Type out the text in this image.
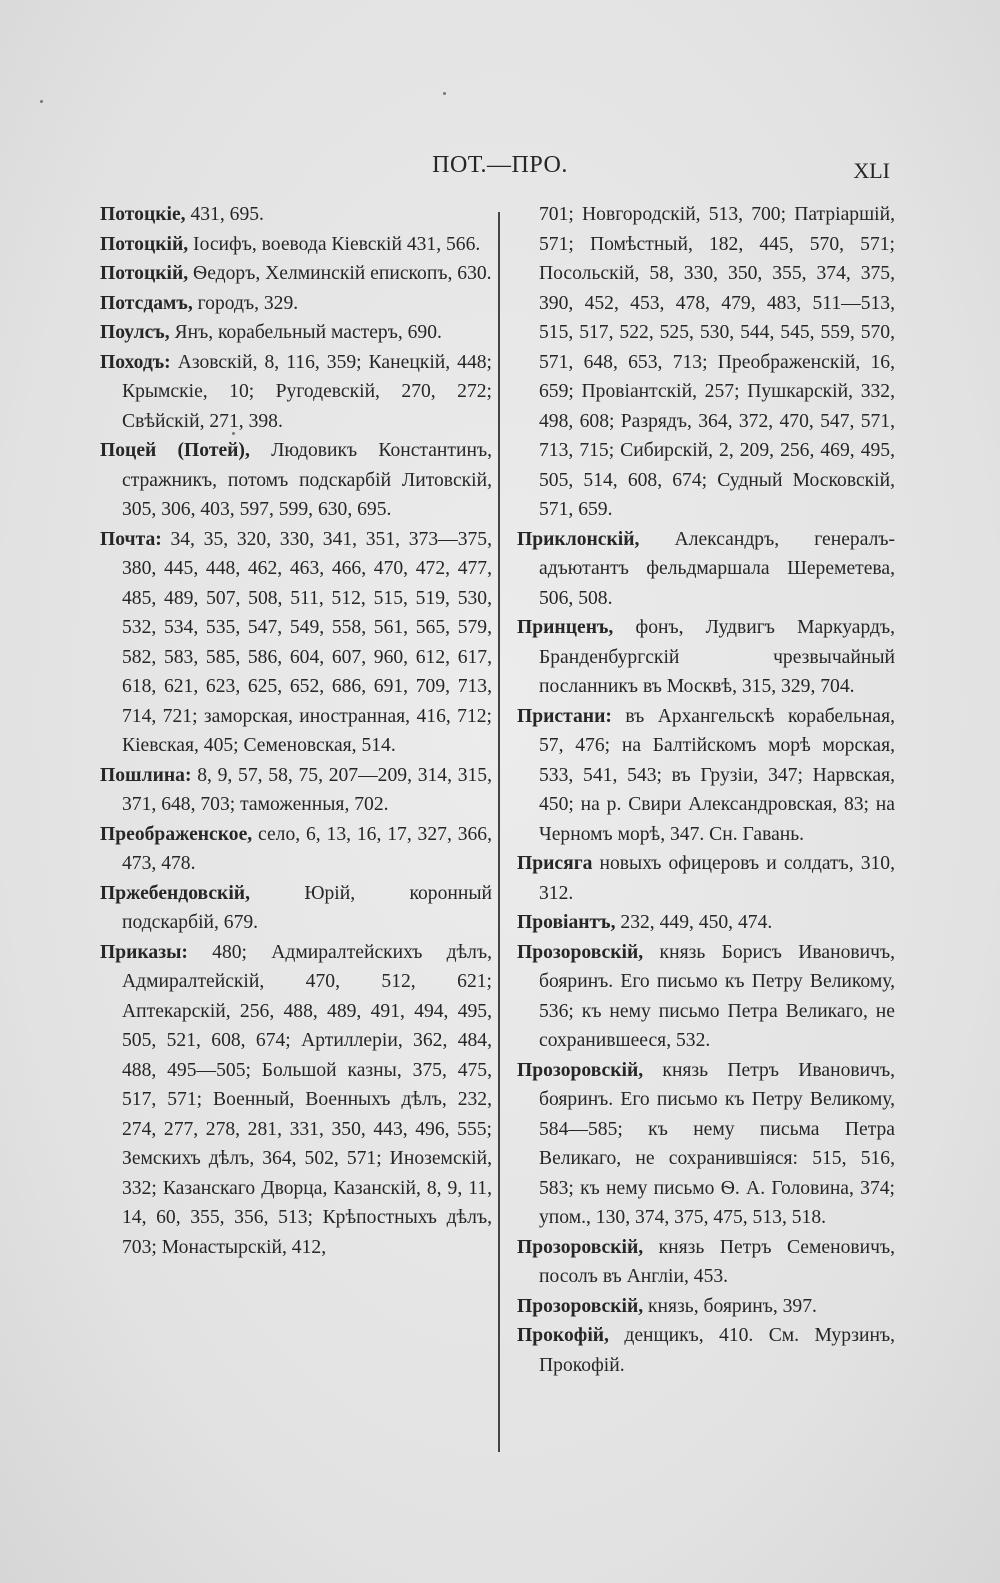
ПОТ.—ПРО.	XLI

Потоцкіе, 431, 695.

Потоцкій, Іосифъ, воевода Кіевскій 431, 566.

Потоцкій, Ѳедоръ, Хелминскій епископъ, 630.

Потсдамъ, городъ, 329.

Поулсъ, Янъ, корабельный мастеръ, 690.

Походъ: Азовскій, 8, 116, 359; Канецкій, 448; Крымскіе, 10; Ругодевскій, 270, 272; Свѣйскій, 271, 398.

Поцей (Потей), Людовикъ Константинъ, стражникъ, потомъ подскарбій Литовскій, 305, 306, 403, 597, 599, 630, 695.

Почта: 34, 35, 320, 330, 341, 351, 373—375, 380, 445, 448, 462, 463, 466, 470, 472, 477, 485, 489, 507, 508, 511, 512, 515, 519, 530, 532, 534, 535, 547, 549, 558, 561, 565, 579, 582, 583, 585, 586, 604, 607, 960, 612, 617, 618, 621, 623, 625, 652, 686, 691, 709, 713, 714, 721; заморская, иностранная, 416, 712; Кіевская, 405; Семеновская, 514.

Пошлина: 8, 9, 57, 58, 75, 207—209, 314, 315, 371, 648, 703; таможенныя, 702.

Преображенское, село, 6, 13, 16, 17, 327, 366, 473, 478.

Пржебендовскій, Юрій, коронный подскарбій, 679.

Приказы: 480; Адмиралтейскихъ дѣлъ, Адмиралтейскій, 470, 512, 621; Аптекарскій, 256, 488, 489, 491, 494, 495, 505, 521, 608, 674; Артиллеріи, 362, 484, 488, 495—505; Большой казны, 375, 475, 517, 571; Военный, Военныхъ дѣлъ, 232, 274, 277, 278, 281, 331, 350, 443, 496, 555; Земскихъ дѣлъ, 364, 502, 571; Иноземскій, 332; Казанскаго Дворца, Казанскій, 8, 9, 11, 14, 60, 355, 356, 513; Крѣпостныхъ дѣлъ, 703; Монастырскій, 412,

701; Новгородскій, 513, 700; Патріаршій, 571; Помѣстный, 182, 445, 570, 571; Посольскій, 58, 330, 350, 355, 374, 375, 390, 452, 453, 478, 479, 483, 511—513, 515, 517, 522, 525, 530, 544, 545, 559, 570, 571, 648, 653, 713; Преображенскій, 16, 659; Провіантскій, 257; Пушкарскій, 332, 498, 608; Разрядъ, 364, 372, 470, 547, 571, 713, 715; Сибирскій, 2, 209, 256, 469, 495, 505, 514, 608, 674; Судный Московскій, 571, 659.

Приклонскій, Александръ, генералъ-адъютантъ фельдмаршала Шереметева, 506, 508.

Принценъ, фонъ, Лудвигъ Маркуардъ, Бранденбургскій чрезвычайный посланникъ въ Москвѣ, 315, 329, 704.

Пристани: въ Архангельскѣ корабельная, 57, 476; на Балтійскомъ морѣ морская, 533, 541, 543; въ Грузіи, 347; Нарвская, 450; на р. Свири Александровская, 83; на Черномъ морѣ, 347. Сн. Гавань.

Присяга новыхъ офицеровъ и солдатъ, 310, 312.

Провіантъ, 232, 449, 450, 474.

Прозоровскій, князь Борисъ Ивановичъ, бояринъ. Его письмо къ Петру Великому, 536; къ нему письмо Петра Великаго, не сохранившееся, 532.

Прозоровскій, князь Петръ Ивановичъ, бояринъ. Его письмо къ Петру Великому, 584—585; къ нему письма Петра Великаго, не сохранившіяся: 515, 516, 583; къ нему письмо Ѳ. А. Головина, 374; упом., 130, 374, 375, 475, 513, 518.

Прозоровскій, князь Петръ Семеновичъ, посолъ въ Англіи, 453.

Прозоровскій, князь, бояринъ, 397.

Прокофій, денщикъ, 410. См. Мурзинъ, Прокофій.
